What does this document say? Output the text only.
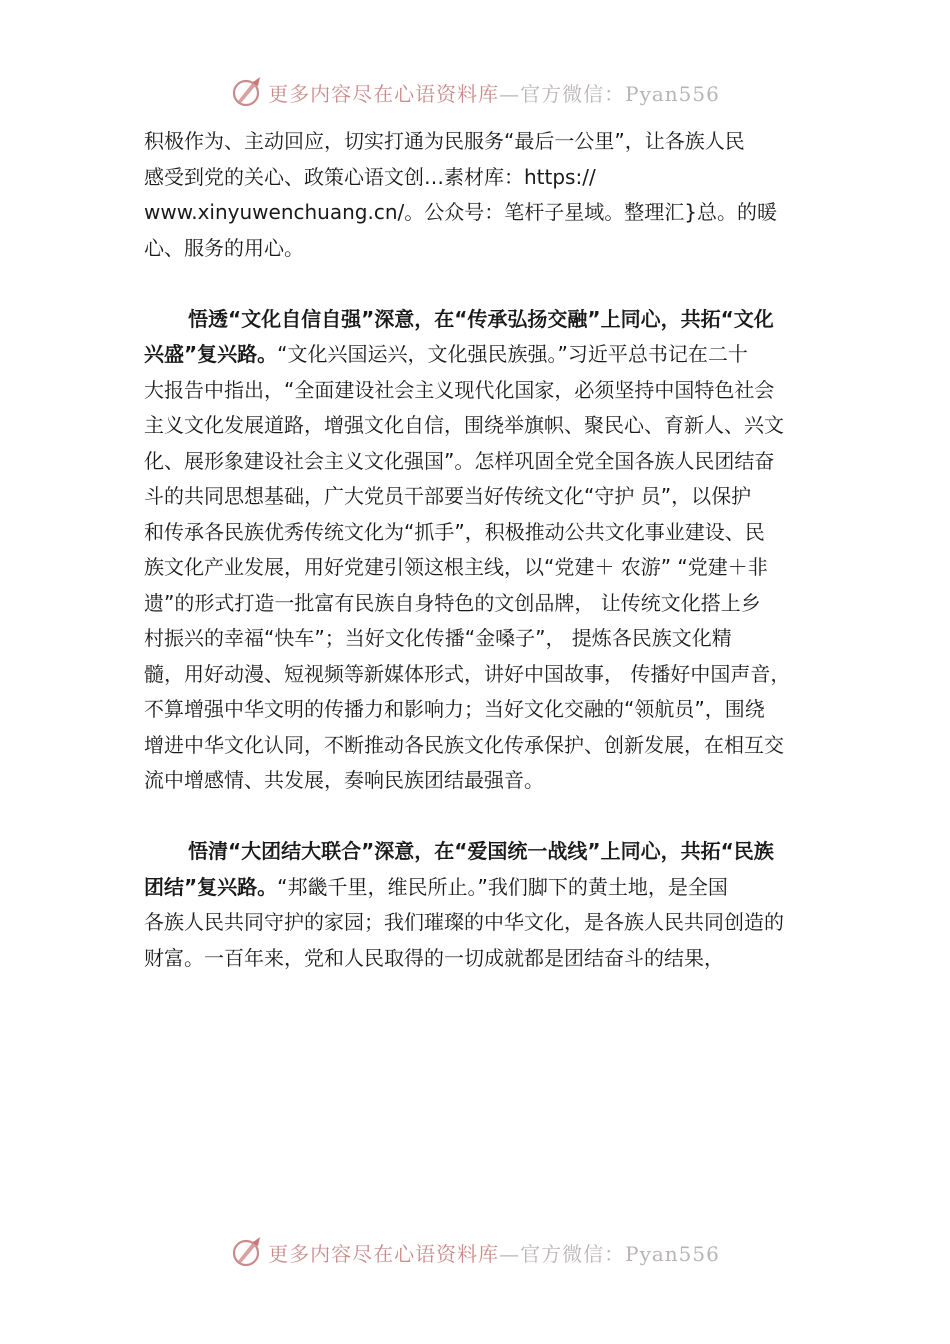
更多内容尽在心语资料库—官方微信：Pyan556
积极作为、主动回应，切实打通为民服务“最后一公里”，让各族人民
感受到党的关心、政策心语文创…素材库：https://
www.xinyuwenchuang.cn/。公众号：笔杆子星域。整理汇}总。的暖
心、服务的用心。
悟透“文化自信自强”深意，在“传承弘扬交融”上同心，共拓“文化
兴盛”复兴路。“文化兴国运兴，文化强民族强。”习近平总书记在二十
大报告中指出，“全面建设社会主义现代化国家，必须坚持中国特色社会
主义文化发展道路，增强文化自信，围绕举旗帜、聚民心、育新人、兴文
化、展形象建设社会主义文化强国”。怎样巩固全党全国各族人民团结奋
斗的共同思想基础，广大党员干部要当好传统文化“守护 员”，以保护
和传承各民族优秀传统文化为“抓手”，积极推动公共文化事业建设、民
族文化产业发展，用好党建引领这根主线，以“党建＋ 农游” “党建＋非
遗”的形式打造一批富有民族自身特色的文创品牌， 让传统文化搭上乡
村振兴的幸福“快车”；当好文化传播“金嗓子”， 提炼各民族文化精
髓，用好动漫、短视频等新媒体形式，讲好中国故事， 传播好中国声音，
不算增强中华文明的传播力和影响力；当好文化交融的“领航员”，围绕
增进中华文化认同，不断推动各民族文化传承保护、创新发展，在相互交
流中增感情、共发展，奏响民族团结最强音。
悟清“大团结大联合”深意，在“爱国统一战线”上同心，共拓“民族
团结”复兴路。“邦畿千里，维民所止。”我们脚下的黄土地，是全国
各族人民共同守护的家园；我们璀璨的中华文化，是各族人民共同创造的
财富。一百年来，党和人民取得的一切成就都是团结奋斗的结果，
更多内容尽在心语资料库—官方微信：Pyan556
